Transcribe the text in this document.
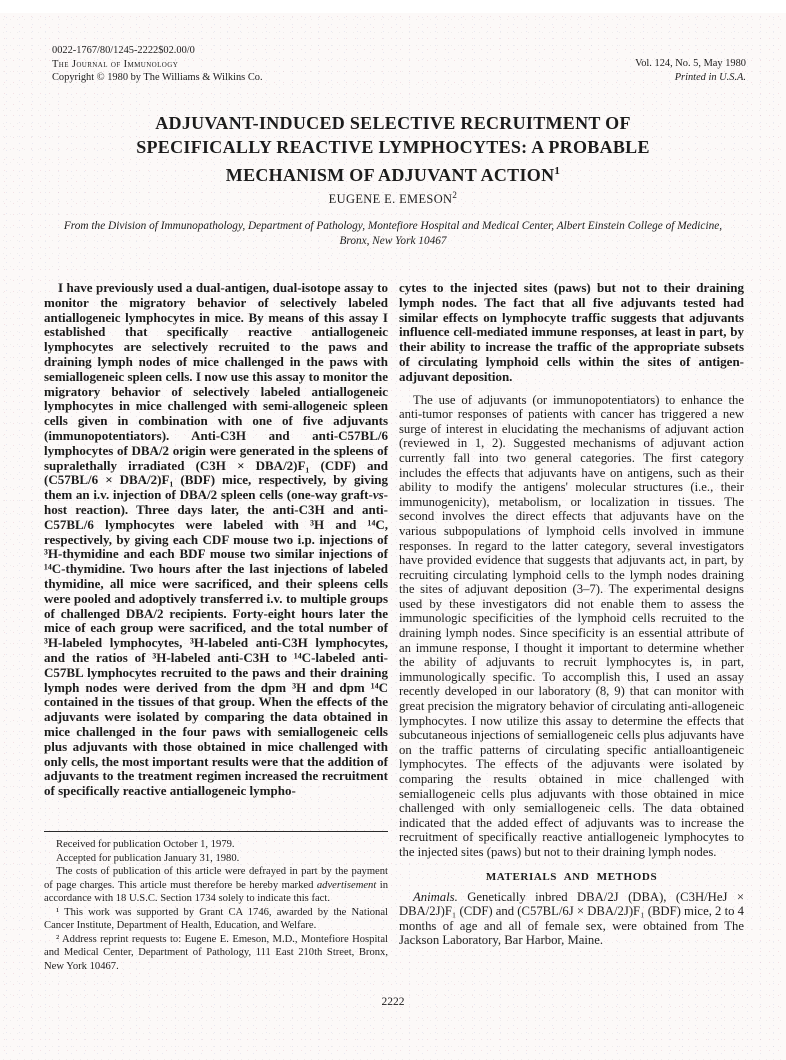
0022-1767/80/1245-2222$02.00/0
The Journal of Immunology
Copyright © 1980 by The Williams & Wilkins Co.
Vol. 124, No. 5, May 1980
Printed in U.S.A.
ADJUVANT-INDUCED SELECTIVE RECRUITMENT OF
SPECIFICALLY REACTIVE LYMPHOCYTES: A PROBABLE
MECHANISM OF ADJUVANT ACTION$^1$
EUGENE E. EMESON$^2$
From the Division of Immunopathology, Department of Pathology, Montefiore Hospital and Medical Center, Albert Einstein College of Medicine, Bronx, New York 10467

I have previously used a dual-antigen, dual-isotope assay to monitor the migratory behavior of selectively labeled antiallogeneic lymphocytes in mice. By means of this assay I established that specifically reactive antiallogeneic lymphocytes are selectively recruited to the paws and draining lymph nodes of mice challenged in the paws with semiallogeneic spleen cells. I now use this assay to monitor the migratory behavior of selectively labeled antiallogeneic lymphocytes in mice challenged with semi-allogeneic spleen cells given in combination with one of five adjuvants (immunopotentiators). Anti-C3H and anti-C57BL/6 lymphocytes of DBA/2 origin were generated in the spleens of supralethally irradiated (C3H × DBA/2)F₁ (CDF) and (C57BL/6 × DBA/2)F₁ (BDF) mice, respectively, by giving them an i.v. injection of DBA/2 spleen cells (one-way graft-vs-host reaction). Three days later, the anti-C3H and anti-C57BL/6 lymphocytes were labeled with ³H and ¹⁴C, respectively, by giving each CDF mouse two i.p. injections of ³H-thymidine and each BDF mouse two similar injections of ¹⁴C-thymidine. Two hours after the last injections of labeled thymidine, all mice were sacrificed, and their spleens cells were pooled and adoptively transferred i.v. to multiple groups of challenged DBA/2 recipients. Forty-eight hours later the mice of each group were sacrificed, and the total number of ³H-labeled lymphocytes, ³H-labeled anti-C3H lymphocytes, and the ratios of ³H-labeled anti-C3H to ¹⁴C-labeled anti-C57BL lymphocytes recruited to the paws and their draining lymph nodes were derived from the dpm ³H and dpm ¹⁴C contained in the tissues of that group. When the effects of the adjuvants were isolated by comparing the data obtained in mice challenged in the four paws with semiallogeneic cells plus adjuvants with those obtained in mice challenged with only cells, the most important results were that the addition of adjuvants to the treatment regimen increased the recruitment of specifically reactive antiallogeneic lympho-

Received for publication October 1, 1979.

Accepted for publication January 31, 1980.

The costs of publication of this article were defrayed in part by the payment of page charges. This article must therefore be hereby marked advertisement in accordance with 18 U.S.C. Section 1734 solely to indicate this fact.

¹ This work was supported by Grant CA 1746, awarded by the National Cancer Institute, Department of Health, Education, and Welfare.

² Address reprint requests to: Eugene E. Emeson, M.D., Montefiore Hospital and Medical Center, Department of Pathology, 111 East 210th Street, Bronx, New York 10467.

cytes to the injected sites (paws) but not to their draining lymph nodes. The fact that all five adjuvants tested had similar effects on lymphocyte traffic suggests that adjuvants influence cell-mediated immune responses, at least in part, by their ability to increase the traffic of the appropriate subsets of circulating lymphoid cells within the sites of antigen-adjuvant deposition.

The use of adjuvants (or immunopotentiators) to enhance the anti-tumor responses of patients with cancer has triggered a new surge of interest in elucidating the mechanisms of adjuvant action (reviewed in 1, 2). Suggested mechanisms of adjuvant action currently fall into two general categories. The first category includes the effects that adjuvants have on antigens, such as their ability to modify the antigens' molecular structures (i.e., their immunogenicity), metabolism, or localization in tissues. The second involves the direct effects that adjuvants have on the various subpopulations of lymphoid cells involved in immune responses. In regard to the latter category, several investigators have provided evidence that suggests that adjuvants act, in part, by recruiting circulating lymphoid cells to the lymph nodes draining the sites of adjuvant deposition (3–7). The experimental designs used by these investigators did not enable them to assess the immunologic specificities of the lymphoid cells recruited to the draining lymph nodes. Since specificity is an essential attribute of an immune response, I thought it important to determine whether the ability of adjuvants to recruit lymphocytes is, in part, immunologically specific. To accomplish this, I used an assay recently developed in our laboratory (8, 9) that can monitor with great precision the migratory behavior of circulating anti-allogeneic lymphocytes. I now utilize this assay to determine the effects that subcutaneous injections of semiallogeneic cells plus adjuvants have on the traffic patterns of circulating specific antialloantigeneic lymphocytes. The effects of the adjuvants were isolated by comparing the results obtained in mice challenged with semiallogeneic cells plus adjuvants with those obtained in mice challenged with only semiallogeneic cells. The data obtained indicated that the added effect of adjuvants was to increase the recruitment of specifically reactive antiallogeneic lymphocytes to the injected sites (paws) but not to their draining lymph nodes.

MATERIALS AND METHODS

Animals. Genetically inbred DBA/2J (DBA), (C3H/HeJ × DBA/2J)F₁ (CDF) and (C57BL/6J × DBA/2J)F₁ (BDF) mice, 2 to 4 months of age and all of female sex, were obtained from The Jackson Laboratory, Bar Harbor, Maine.

2222
